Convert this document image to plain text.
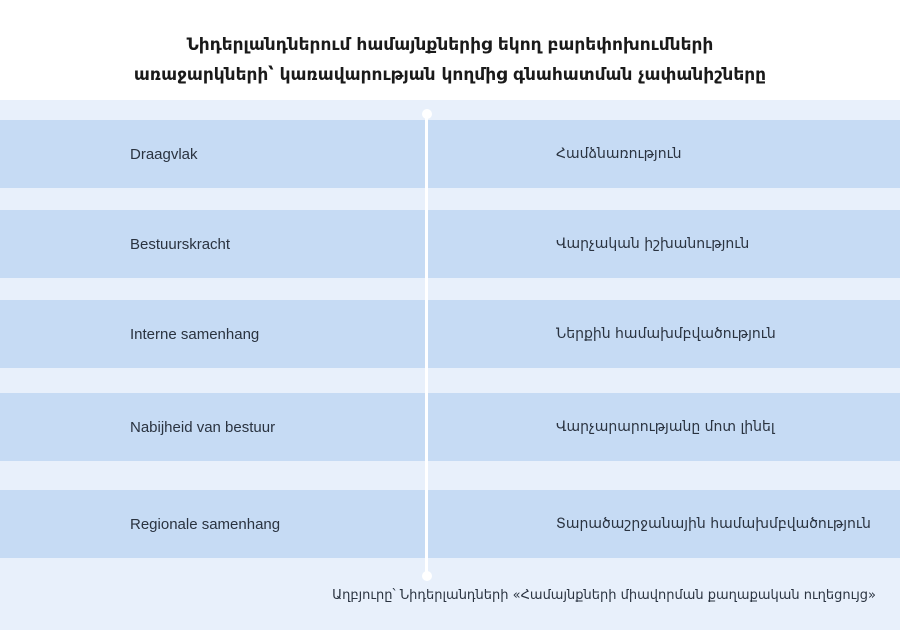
Նիդերլանդներում համայնքներից եկող բարեփոխումների
առաջարկների՝ կառավարության կողմից գնահատման չափանիշները
Draagvlak	Համձնառություն
Bestuurskracht	Վարչական իշխանություն
Interne samenhang	Ներքին համախմբվածություն
Nabijheid van bestuur	Վարչարարությանը մոտ լինել
Regionale samenhang	Տարածաշրջանային համախմբվածություն
Աղբյուրը՝ Նիդերլանդների «Համայնքների միավորման քաղաքական ուղեցույց»
